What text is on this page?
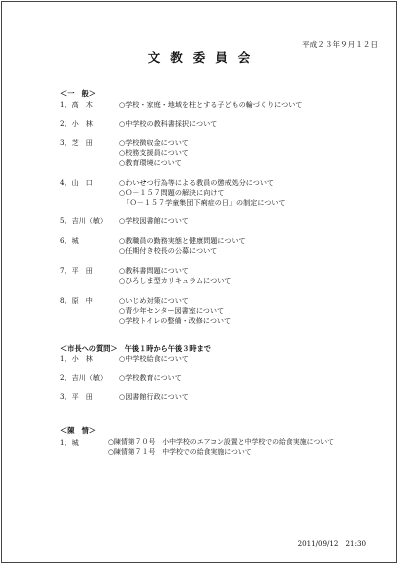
平成２３年９月１２日
文教委員会
＜一　般＞
1．高　木	○学校・家庭・地域を柱とする子どもの輪づくりについて
2．小　林	○中学校の教科書採択について
3．芝　田	○学校徴収金について
○校務支援員について
○教育環境について
4．山　口	○わいせつ行為等による教員の懲戒処分について
○Ｏ－１５７問題の解決に向けて
　「Ｏ－１５７学童集団下痢症の日」の制定について
5．吉川（敏） ○学校図書館について
6．城	○教職員の勤務実態と健康問題について
○任期付き校長の公募について
7．平　田	○教科書問題について
○ひろしま型カリキュラムについて
8．原　中	○いじめ対策について
○青少年センター図書室について
○学校トイレの整備・改修について
＜市長への質問＞　午後１時から午後３時まで
1．小　林	○中学校給食について
2．吉川（敏） ○学校教育について
3．平　田	○図書館行政について
＜陳　情＞
1．城	○陳情第７０号　小中学校のエアコン設置と中学校での給食実施について
○陳情第７１号　中学校での給食実施について
2011/09/12　21:30
